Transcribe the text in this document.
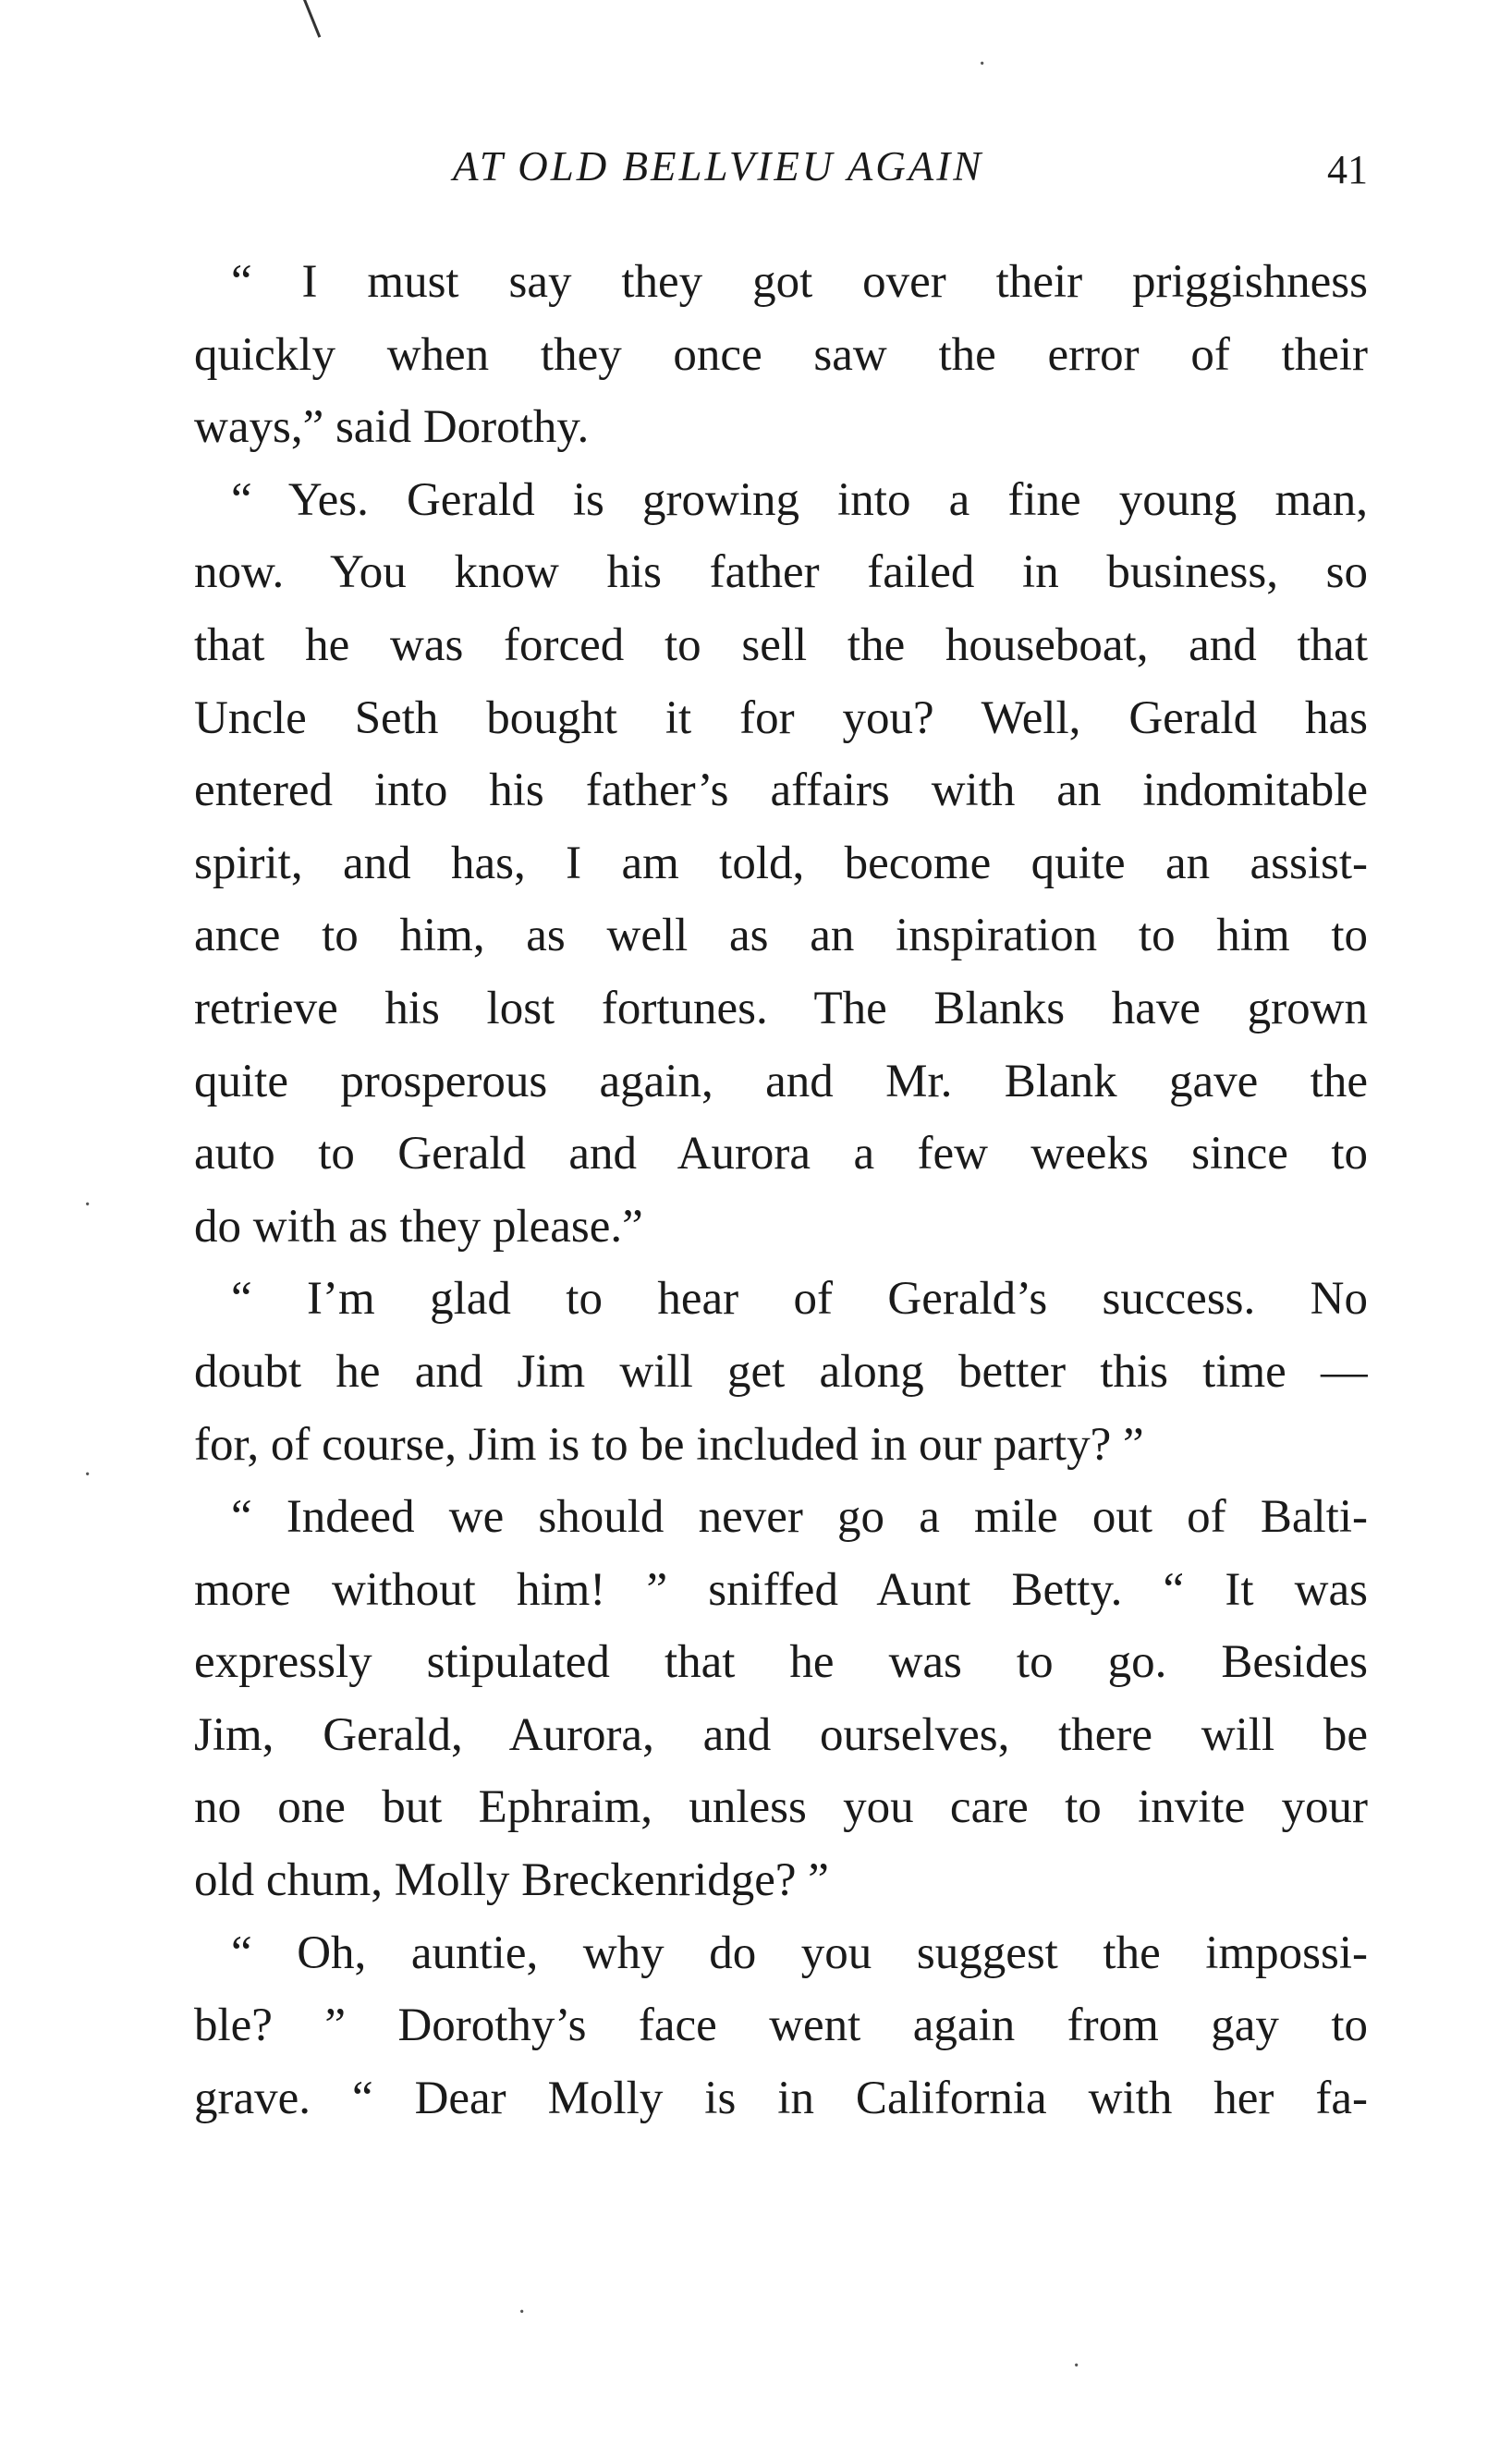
·
·
·
·
·
AT OLD BELLVIEU AGAIN	41
“ I must say they got over their priggishness
quickly when they once saw the error of their
ways,” said Dorothy.
“ Yes. Gerald is growing into a fine young man,
now. You know his father failed in business, so
that he was forced to sell the houseboat, and that
Uncle Seth bought it for you? Well, Gerald has
entered into his father’s affairs with an indomitable
spirit, and has, I am told, become quite an assist-
ance to him, as well as an inspiration to him to
retrieve his lost fortunes. The Blanks have grown
quite prosperous again, and Mr. Blank gave the
auto to Gerald and Aurora a few weeks since to
do with as they please.”
“ I’m glad to hear of Gerald’s success. No
doubt he and Jim will get along better this time —
for, of course, Jim is to be included in our party? ”
“ Indeed we should never go a mile out of Balti-
more without him! ” sniffed Aunt Betty. “ It was
expressly stipulated that he was to go. Besides
Jim, Gerald, Aurora, and ourselves, there will be
no one but Ephraim, unless you care to invite your
old chum, Molly Breckenridge? ”
“ Oh, auntie, why do you suggest the impossi-
ble? ” Dorothy’s face went again from gay to
grave. “ Dear Molly is in California with her fa-
